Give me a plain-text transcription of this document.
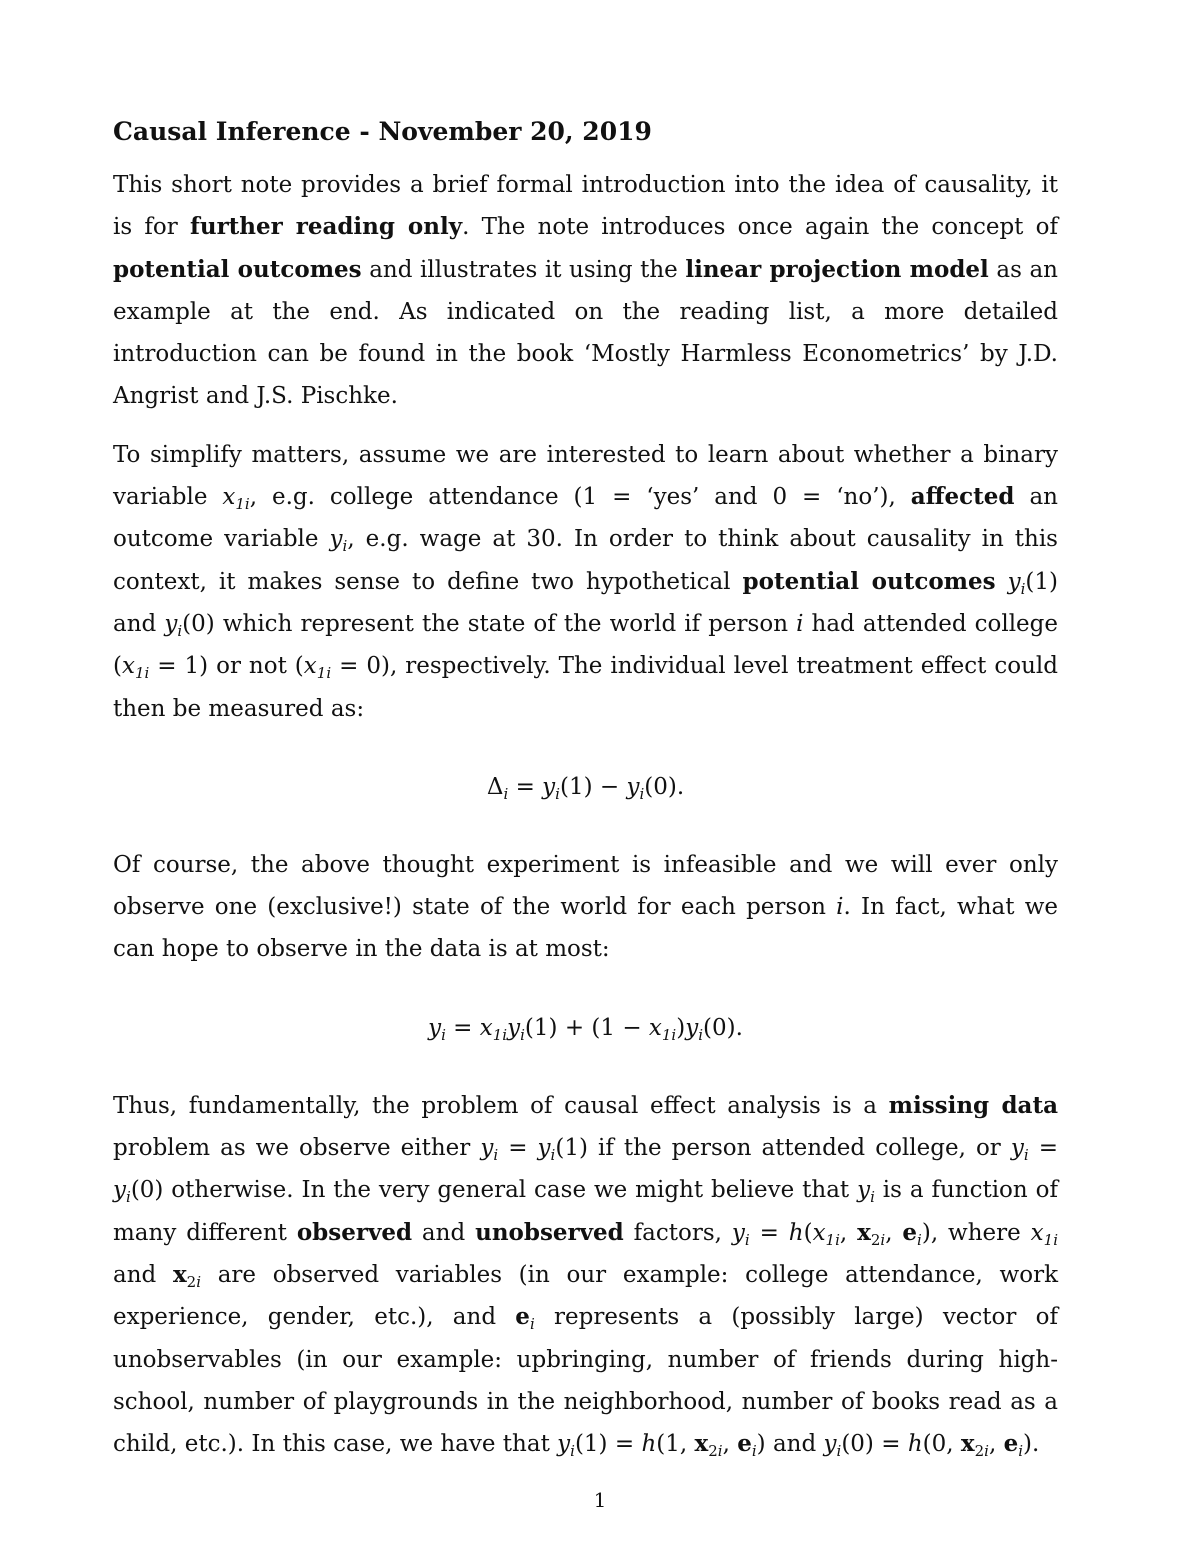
Causal Inference - November 20, 2019

This short note provides a brief formal introduction into the idea of causality, it is for further reading only. The note introduces once again the concept of potential outcomes and illustrates it using the linear projection model as an example at the end. As indicated on the reading list, a more detailed introduction can be found in the book ‘Mostly Harmless Econometrics’ by J.D. Angrist and J.S. Pischke.

To simplify matters, assume we are interested to learn about whether a binary variable $x_{1i}$, e.g. college attendance (1 = ‘yes’ and 0 = ‘no’), affected an outcome variable $y_i$, e.g. wage at 30. In order to think about causality in this context, it makes sense to define two hypothetical potential outcomes $y_i(1)$ and $y_i(0)$ which represent the state of the world if person i had attended college $(x_{1i} = 1)$ or not $(x_{1i} = 0)$, respectively. The individual level treatment effect could then be measured as:

$\Delta_i = y_i(1) - y_i(0)$.

Of course, the above thought experiment is infeasible and we will ever only observe one (exclusive!) state of the world for each person i. In fact, what we can hope to observe in the data is at most:

$y_i = x_{1i}y_i(1) + (1 - x_{1i})y_i(0)$.

Thus, fundamentally, the problem of causal effect analysis is a missing data problem as we observe either $y_i = y_i(1)$ if the person attended college, or $y_i = y_i(0)$ otherwise. In the very general case we might believe that $y_i$ is a function of many different observed and unobserved factors, $y_i = h(x_{1i}$, $x_{2i}$, $e_i$), where $x_{1i}$ and $x_{2i}$ are observed variables (in our example: college attendance, work experience, gender, etc.), and $e_i$ represents a (possibly large) vector of unobservables (in our example: upbringing, number of friends during high-school, number of playgrounds in the neighborhood, number of books read as a child, etc.). In this case, we have that $y_i(1) = h(1$, $x_{2i}$, $e_i$) and $y_i(0) = h(0$, $x_{2i}$, $e_i$).

1
